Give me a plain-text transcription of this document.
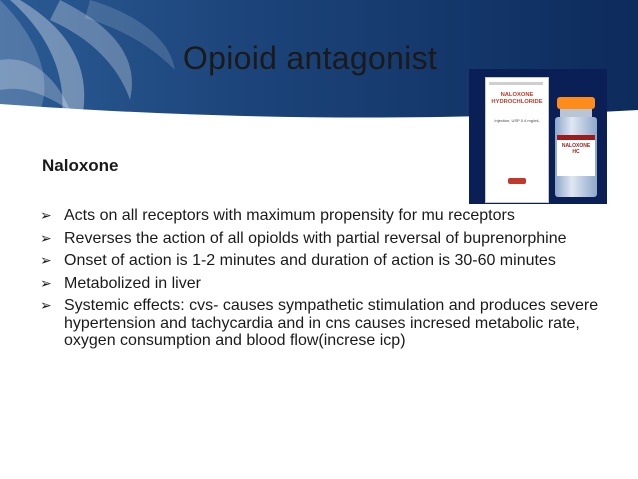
Opioid antagonist
NALOXONE HYDROCHLORIDE
Injection, USP 0.4 mg/mL
NALOXONE HC
Naloxone
➢ Acts on all receptors with maximum propensity for mu receptors
➢ Reverses the action of all opiolds with partial reversal of buprenorphine
➢ Onset of action is 1-2 minutes and duration of action is 30-60 minutes
➢ Metabolized in liver
➢ Systemic effects: cvs- causes sympathetic stimulation and produces severe hypertension and tachycardia and in cns causes incresed metabolic rate, oxygen consumption and blood flow(increse icp)
